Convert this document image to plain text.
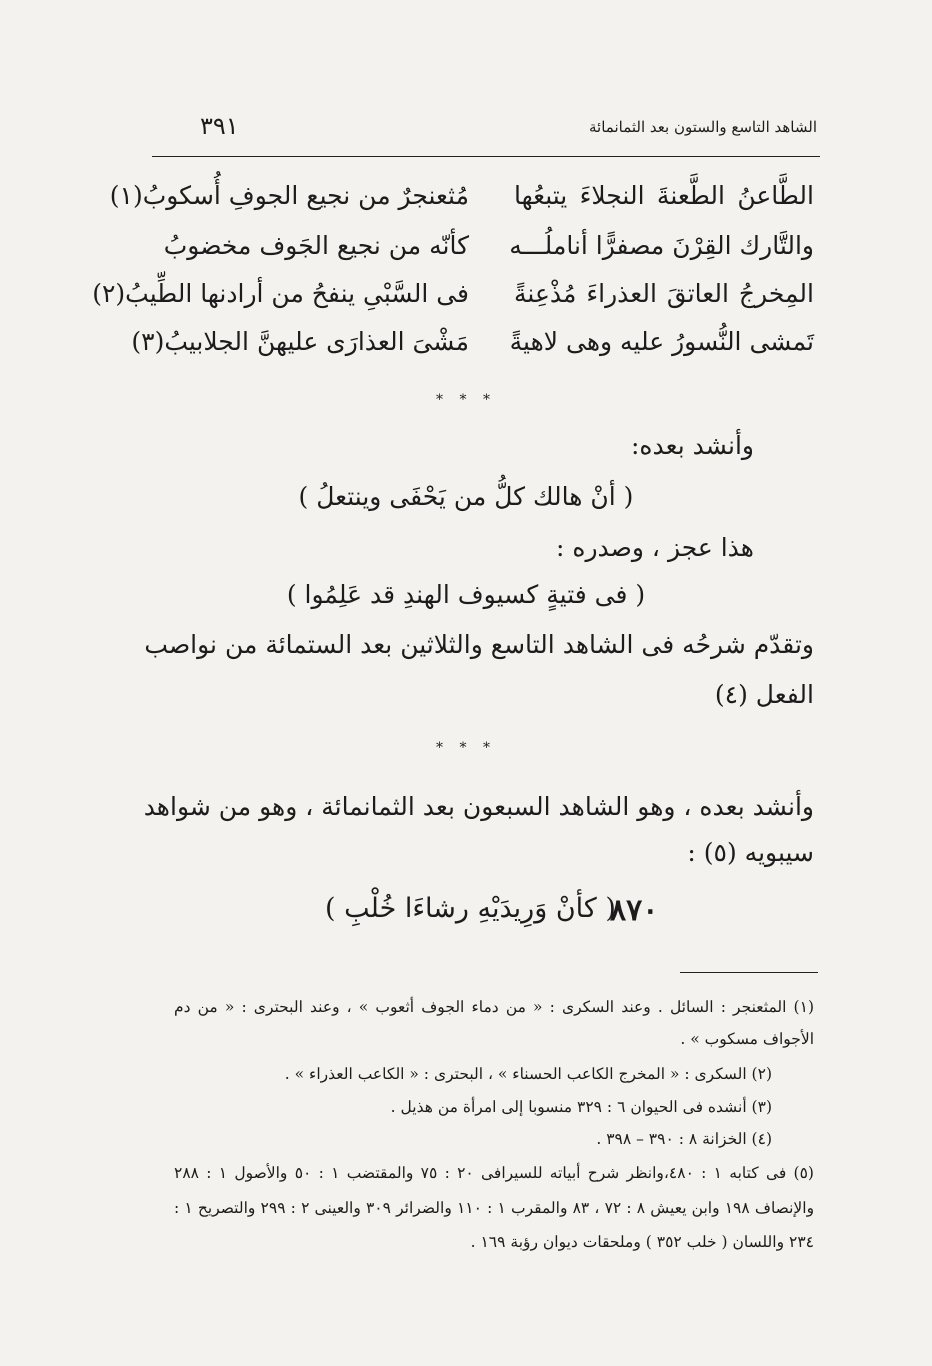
الشاهد التاسع والستون بعد الثمانمائة
٣٩١
الطَّاعنُ الطَّعنةَ النجلاءَ يتبعُها
مُثعنجرٌ من نجيع الجوفِ أُسكوبُ(١)
والتَّارك القِرْنَ مصفرًّا أناملُـــه
كأنّه من نجيع الجَوف مخضوبُ
المِخرجُ العاتقَ العذراءَ مُذْعِنةً
فى السَّبْىِ ينفحُ من أرادنها الطِّيبُ(٢)
تَمشى النُّسورُ عليه وهى لاهيةً
مَشْىَ العذارَى عليهنَّ الجلابيبُ(٣)
* * *
وأنشد بعده:
( أنْ هالك كلُّ من يَحْفَى وينتعلُ )
هذا عجز ، وصدره :
( فى فتيةٍ كسيوف الهندِ قد عَلِمُوا )
وتقدّم شرحُه فى الشاهد التاسع والثلاثين بعد الستمائة من نواصب
الفعل (٤)
* * *
وأنشد بعده ، وهو الشاهد السبعون بعد الثمانمائة ، وهو من شواهد
سيبويه (٥) :
٨٧٠
( كأنْ وَرِيدَيْهِ رشاءَا خُلْبِ )
(١) المثعنجر : السائل . وعند السكرى : « من دماء الجوف أثعوب » ، وعند البحترى : « من دم
الأجواف مسكوب » .
(٢) السكرى : « المخرج الكاعب الحسناء » ، البحترى : « الكاعب العذراء » .
(٣) أنشده فى الحيوان ٦ : ٣٢٩ منسوبا إلى امرأة من هذيل .
(٤) الخزانة ٨ : ٣٩٠ – ٣٩٨ .
(٥) فى كتابه ١ : ٤٨٠،وانظر شرح أبياته للسيرافى ٢٠ : ٧٥ والمقتضب ١ : ٥٠ والأصول ١ : ٢٨٨
والإنصاف ١٩٨ وابن يعيش ٨ : ٧٢ ، ٨٣ والمقرب ١ : ١١٠ والضرائر ٣٠٩ والعينى ٢ : ٢٩٩ والتصريح ١ :
٢٣٤ واللسان ( خلب ٣٥٢ ) وملحقات ديوان رؤبة ١٦٩ .
